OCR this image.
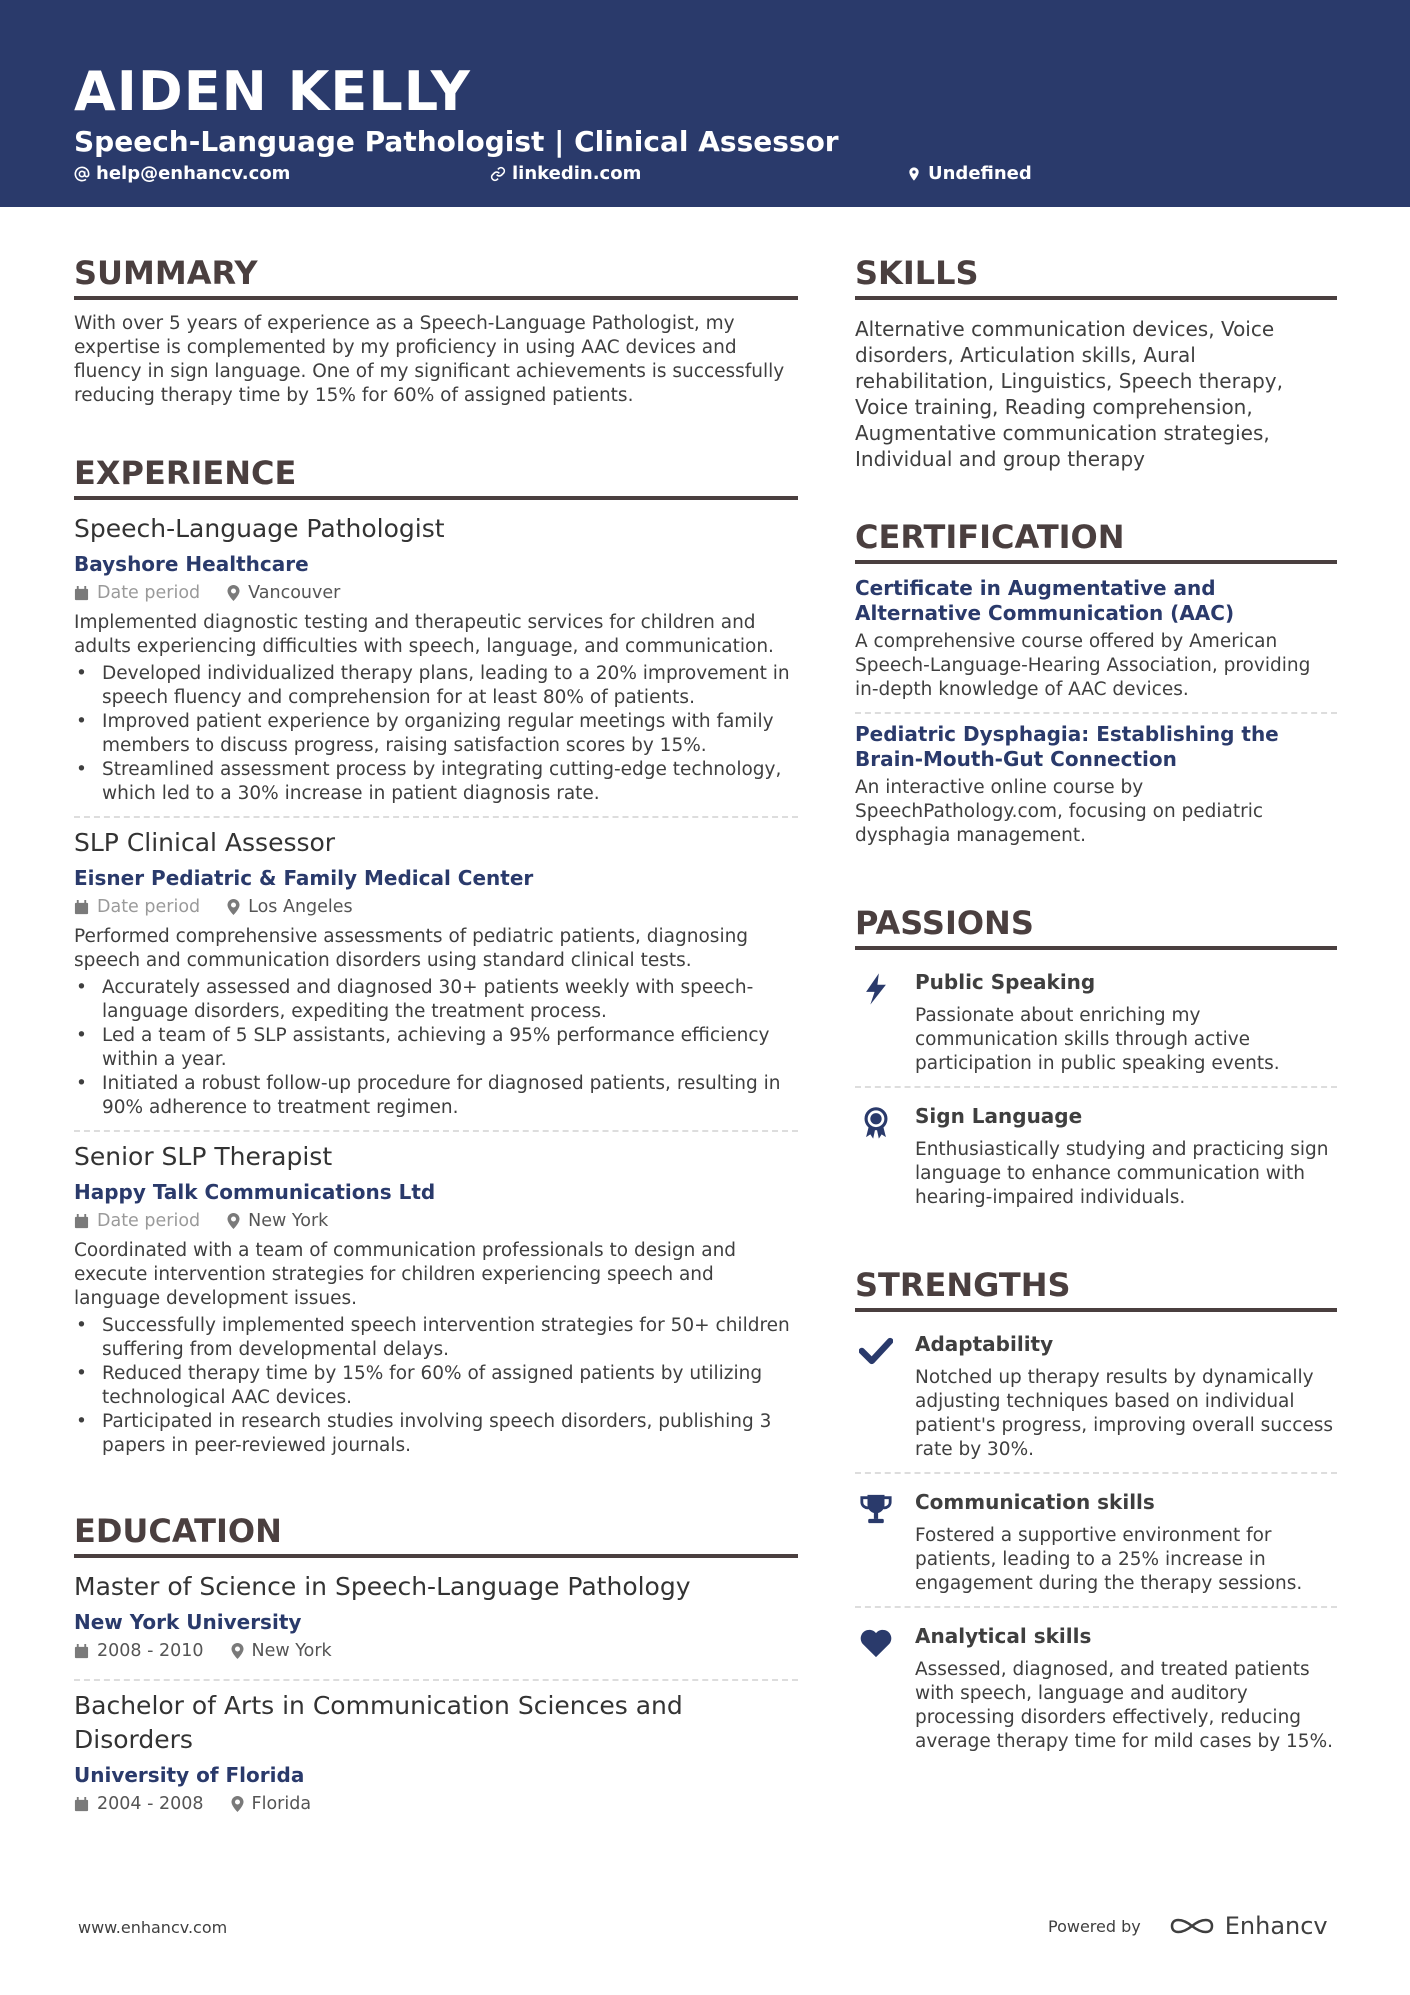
AIDEN KELLY
Speech-Language Pathologist | Clinical Assessor
help@enhancv.com	linkedin.com	Undefined
SUMMARY
With over 5 years of experience as a Speech-Language Pathologist, my expertise is complemented by my proficiency in using AAC devices and fluency in sign language. One of my significant achievements is successfully reducing therapy time by 15% for 60% of assigned patients.
EXPERIENCE
Speech-Language Pathologist
Bayshore Healthcare
Date period	Vancouver
Implemented diagnostic testing and therapeutic services for children and adults experiencing difficulties with speech, language, and communication.
• Developed individualized therapy plans, leading to a 20% improvement in speech fluency and comprehension for at least 80% of patients.
• Improved patient experience by organizing regular meetings with family members to discuss progress, raising satisfaction scores by 15%.
• Streamlined assessment process by integrating cutting-edge technology, which led to a 30% increase in patient diagnosis rate.
SLP Clinical Assessor
Eisner Pediatric & Family Medical Center
Date period	Los Angeles
Performed comprehensive assessments of pediatric patients, diagnosing speech and communication disorders using standard clinical tests.
• Accurately assessed and diagnosed 30+ patients weekly with speech-language disorders, expediting the treatment process.
• Led a team of 5 SLP assistants, achieving a 95% performance efficiency within a year.
• Initiated a robust follow-up procedure for diagnosed patients, resulting in 90% adherence to treatment regimen.
Senior SLP Therapist
Happy Talk Communications Ltd
Date period	New York
Coordinated with a team of communication professionals to design and execute intervention strategies for children experiencing speech and language development issues.
• Successfully implemented speech intervention strategies for 50+ children suffering from developmental delays.
• Reduced therapy time by 15% for 60% of assigned patients by utilizing technological AAC devices.
• Participated in research studies involving speech disorders, publishing 3 papers in peer-reviewed journals.
EDUCATION
Master of Science in Speech-Language Pathology
New York University
2008 - 2010	New York
Bachelor of Arts in Communication Sciences and Disorders
University of Florida
2004 - 2008	Florida
SKILLS
Alternative communication devices, Voice disorders, Articulation skills, Aural rehabilitation, Linguistics, Speech therapy, Voice training, Reading comprehension, Augmentative communication strategies, Individual and group therapy
CERTIFICATION
Certificate in Augmentative and Alternative Communication (AAC)
A comprehensive course offered by American Speech-Language-Hearing Association, providing in-depth knowledge of AAC devices.
Pediatric Dysphagia: Establishing the Brain-Mouth-Gut Connection
An interactive online course by SpeechPathology.com, focusing on pediatric dysphagia management.
PASSIONS
Public Speaking
Passionate about enriching my communication skills through active participation in public speaking events.
Sign Language
Enthusiastically studying and practicing sign language to enhance communication with hearing-impaired individuals.
STRENGTHS
Adaptability
Notched up therapy results by dynamically adjusting techniques based on individual patient's progress, improving overall success rate by 30%.
Communication skills
Fostered a supportive environment for patients, leading to a 25% increase in engagement during the therapy sessions.
Analytical skills
Assessed, diagnosed, and treated patients with speech, language and auditory processing disorders effectively, reducing average therapy time for mild cases by 15%.
www.enhancv.com	Powered by	Enhancv
